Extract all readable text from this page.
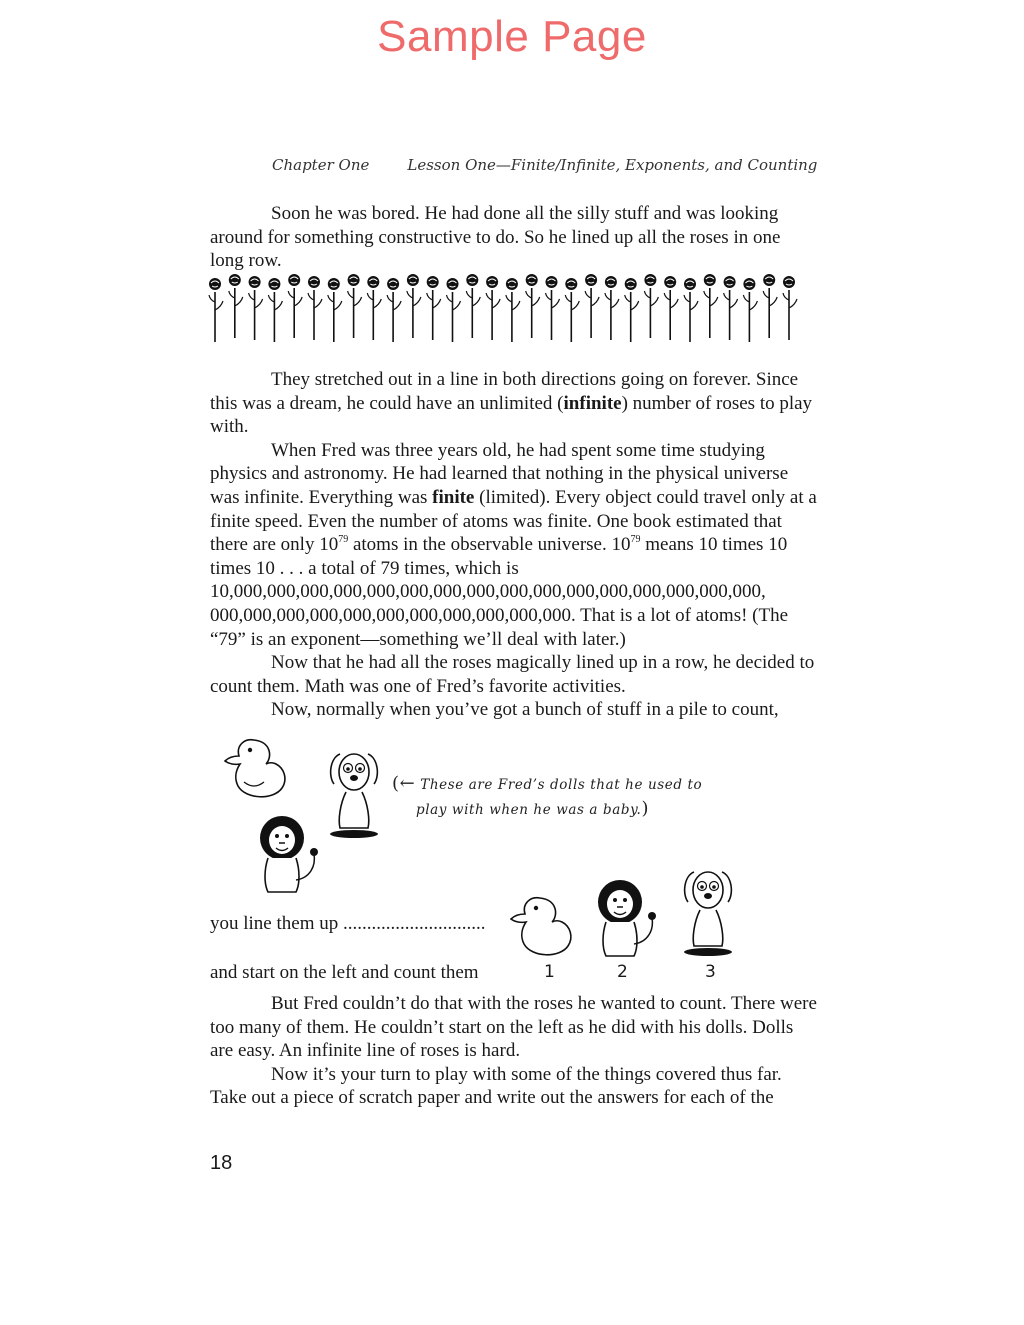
Sample Page
Chapter One	Lesson One—Finite/Infinite, Exponents, and Counting

Soon he was bored. He had done all the silly stuff and was looking around for something constructive to do. So he lined up all the roses in one long row.

They stretched out in a line in both directions going on forever. Since this was a dream, he could have an unlimited (infinite) number of roses to play with.

When Fred was three years old, he had spent some time studying physics and astronomy. He had learned that nothing in the physical universe was infinite. Everything was finite (limited). Every object could travel only at a finite speed. Even the number of atoms was finite. One book estimated that there are only $10^{79}$ atoms in the observable universe. $10^{79}$ means 10 times 10 times 10 . . . a total of 79 times, which is 10,000,000,000,000,000,000,000,000,000,000,000,000,000,000,000,000, 000,000,000,000,000,000,000,000,000,000,000. That is a lot of atoms! (The “79” is an exponent—something we’ll deal with later.)

Now that he had all the roses magically lined up in a row, he decided to count them. Math was one of Fred’s favorite activities.

Now, normally when you’ve got a bunch of stuff in a pile to count,

(← These are Fred’s dolls that he used to
play with when he was a baby.)
you line them up ..............................
and start on the left and count them	1	2	3

But Fred couldn’t do that with the roses he wanted to count. There were too many of them. He couldn’t start on the left as he did with his dolls. Dolls are easy. An infinite line of roses is hard.

Now it’s your turn to play with some of the things covered thus far. Take out a piece of scratch paper and write out the answers for each of the

18
